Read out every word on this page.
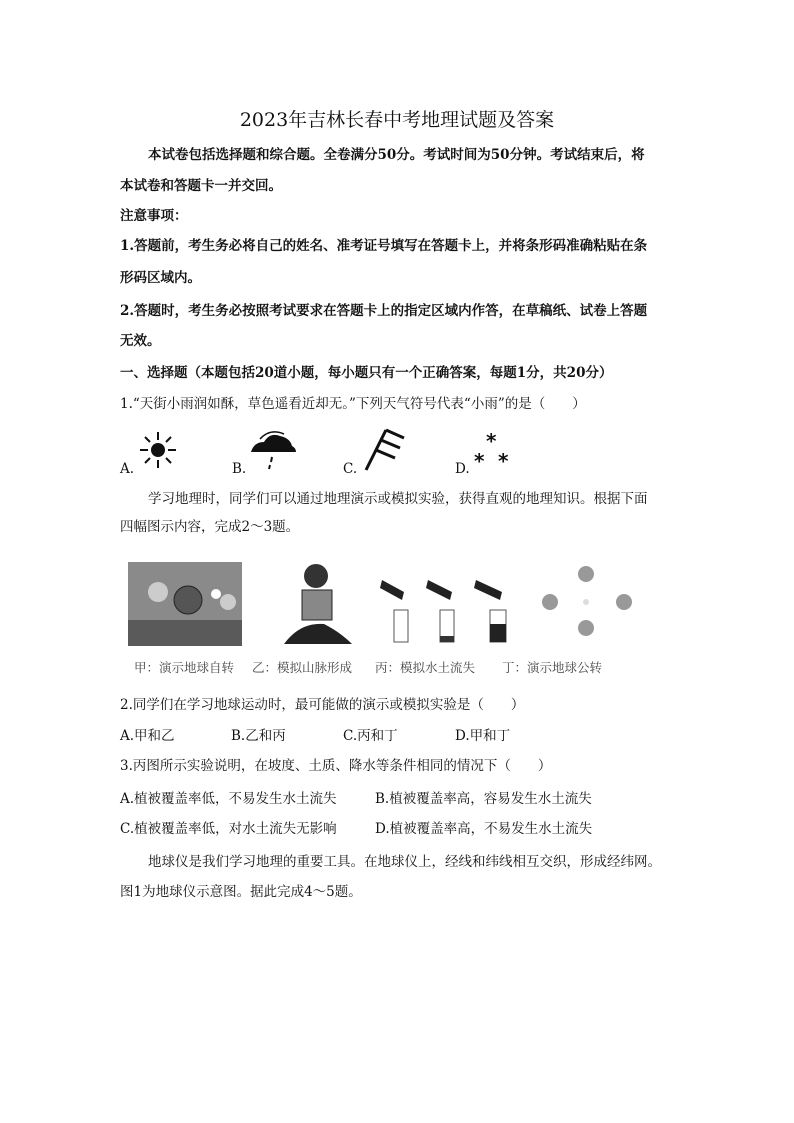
2023年吉林长春中考地理试题及答案
本试卷包括选择题和综合题。全卷满分50分。考试时间为50分钟。考试结束后，将
本试卷和答题卡一并交回。
注意事项：
1.答题前，考生务必将自己的姓名、准考证号填写在答题卡上，并将条形码准确粘贴在条
形码区域内。
2.答题时，考生务必按照考试要求在答题卡上的指定区域内作答，在草稿纸、试卷上答题
无效。
一、选择题（本题包括20道小题，每小题只有一个正确答案，每题1分，共20分）
1.“天街小雨润如酥，草色遥看近却无。”下列天气符号代表“小雨”的是（　　）
A.	B.	C.	D.
*
* *
学习地理时，同学们可以通过地理演示或模拟实验，获得直观的地理知识。根据下面
四幅图示内容，完成2～3题。
甲：演示地球自转 乙：模拟山脉形成 丙：模拟水土流失 丁：演示地球公转
2.同学们在学习地球运动时，最可能做的演示或模拟实验是（　　）
A.甲和乙	B.乙和丙	C.丙和丁	D.甲和丁
3.丙图所示实验说明，在坡度、土质、降水等条件相同的情况下（　　）
A.植被覆盖率低，不易发生水土流失	B.植被覆盖率高，容易发生水土流失
C.植被覆盖率低，对水土流失无影响	D.植被覆盖率高，不易发生水土流失
地球仪是我们学习地理的重要工具。在地球仪上，经线和纬线相互交织，形成经纬网。
图1为地球仪示意图。据此完成4～5题。
